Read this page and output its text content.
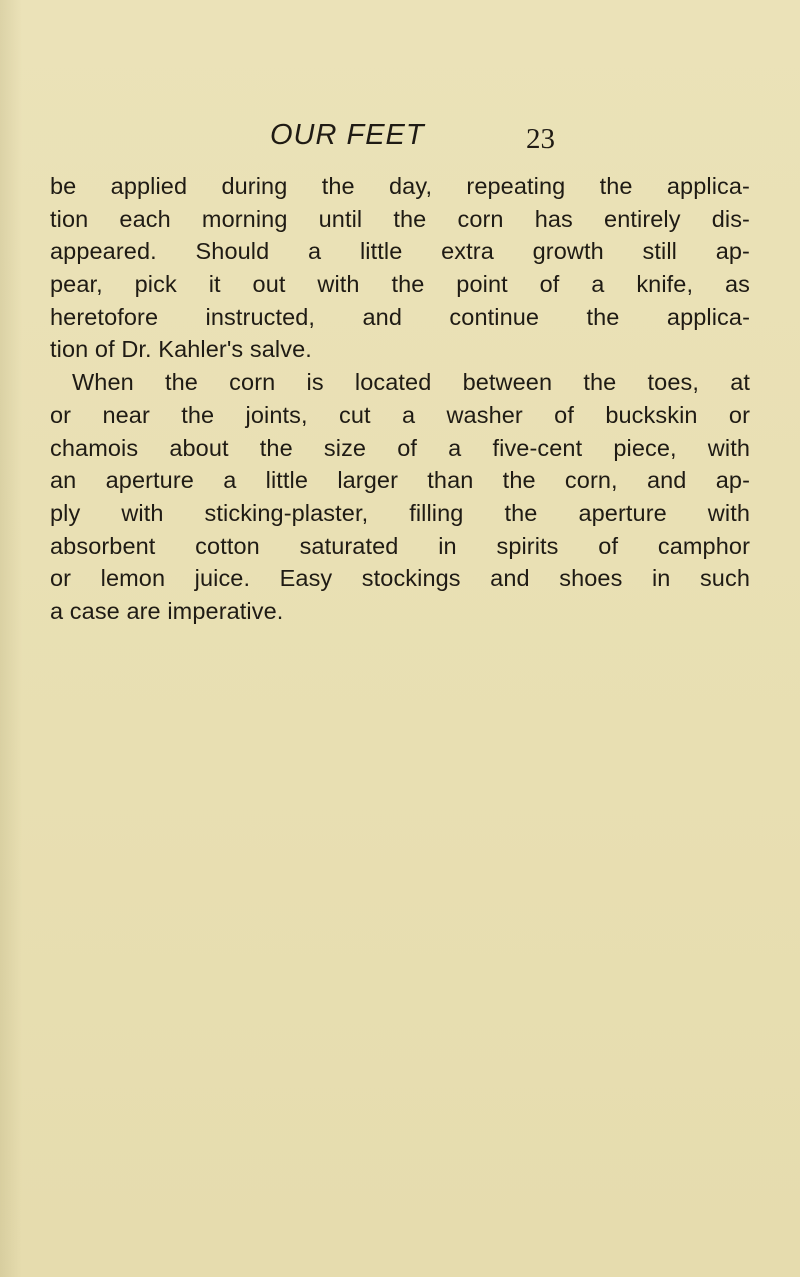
OUR FEET	23
be applied during the day, repeating the applica-
tion each morning until the corn has entirely dis-
appeared. Should a little extra growth still ap-
pear, pick it out with the point of a knife, as
heretofore instructed, and continue the applica-
tion of Dr. Kahler's salve.
When the corn is located between the toes, at
or near the joints, cut a washer of buckskin or
chamois about the size of a five-cent piece, with
an aperture a little larger than the corn, and ap-
ply with sticking-plaster, filling the aperture with
absorbent cotton saturated in spirits of camphor
or lemon juice. Easy stockings and shoes in such
a case are imperative.
